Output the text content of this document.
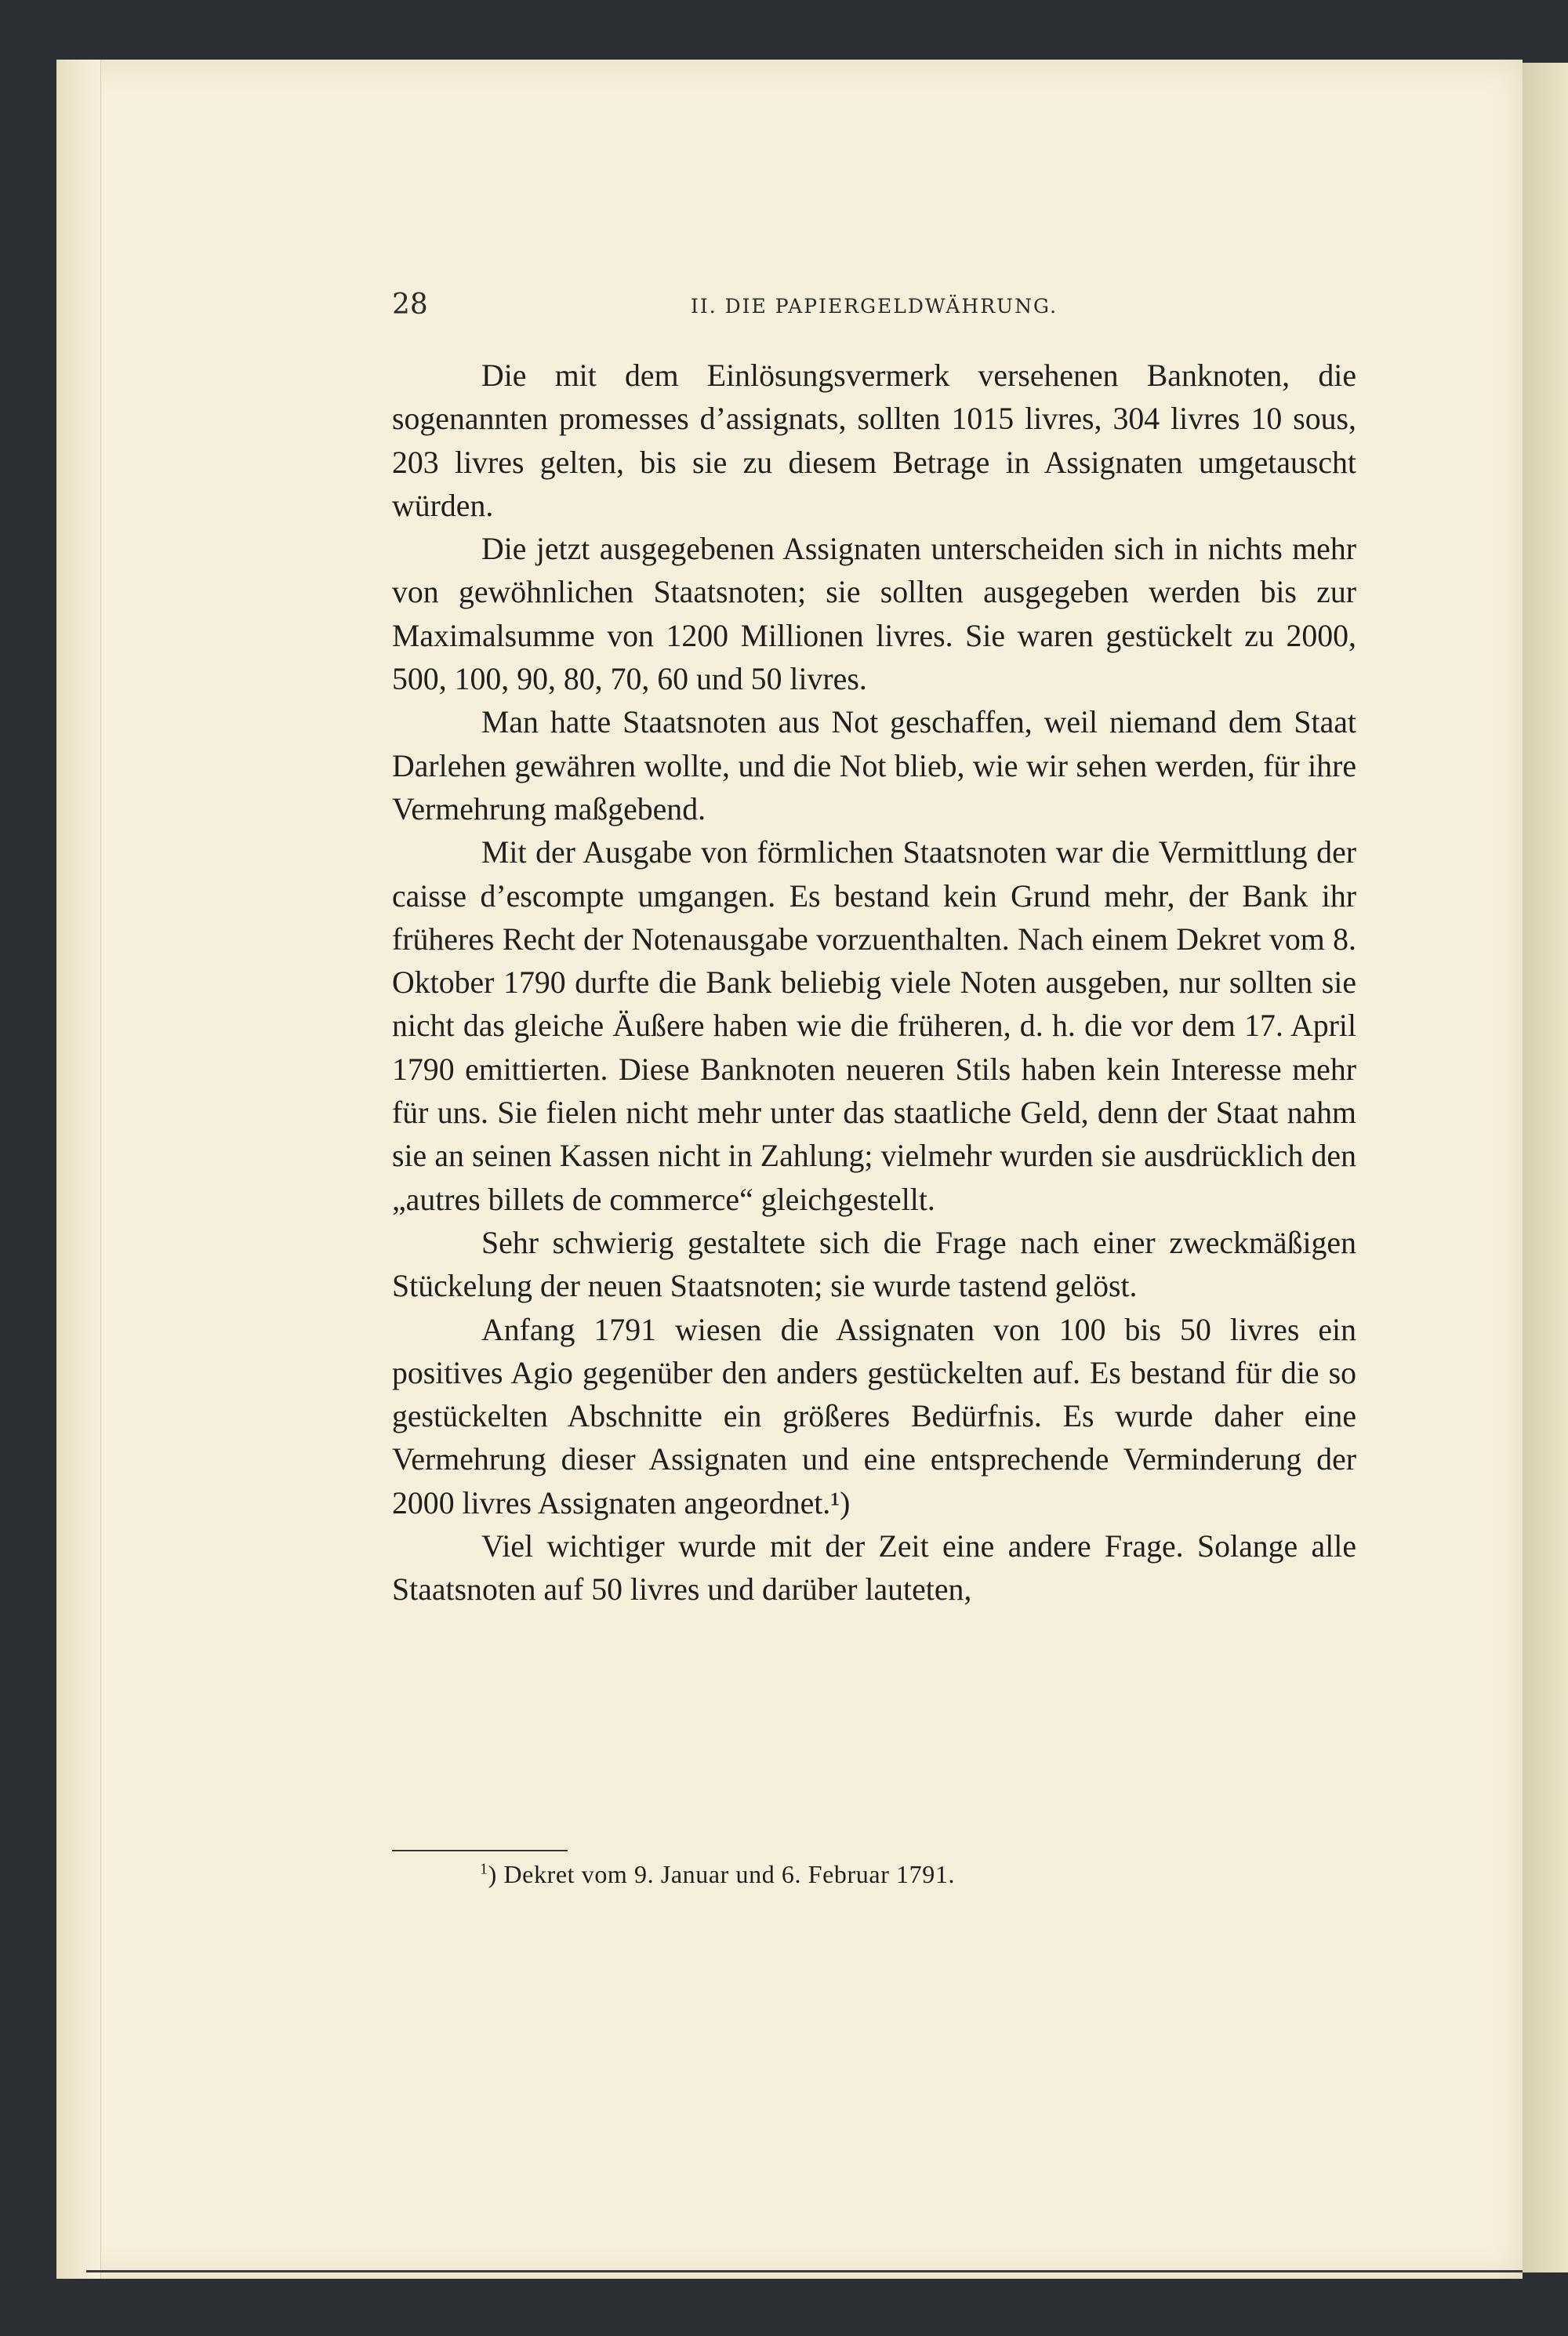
28	II. DIE PAPIERGELDWÄHRUNG.

Die mit dem Einlösungsvermerk versehenen Banknoten, die sogenannten promesses d’assignats, sollten 1015 livres, 304 livres 10 sous, 203 livres gelten, bis sie zu diesem Betrage in Assignaten umgetauscht würden.

Die jetzt ausgegebenen Assignaten unterscheiden sich in nichts mehr von gewöhnlichen Staatsnoten; sie sollten ausgegeben werden bis zur Maximalsumme von 1200 Millionen livres. Sie waren gestückelt zu 2000, 500, 100, 90, 80, 70, 60 und 50 livres.

Man hatte Staatsnoten aus Not geschaffen, weil niemand dem Staat Darlehen gewähren wollte, und die Not blieb, wie wir sehen werden, für ihre Vermehrung maßgebend.

Mit der Ausgabe von förmlichen Staatsnoten war die Vermittlung der caisse d’escompte umgangen. Es bestand kein Grund mehr, der Bank ihr früheres Recht der Notenausgabe vorzuenthalten. Nach einem Dekret vom 8. Oktober 1790 durfte die Bank beliebig viele Noten ausgeben, nur sollten sie nicht das gleiche Äußere haben wie die früheren, d. h. die vor dem 17. April 1790 emittierten. Diese Banknoten neueren Stils haben kein Interesse mehr für uns. Sie fielen nicht mehr unter das staatliche Geld, denn der Staat nahm sie an seinen Kassen nicht in Zahlung; vielmehr wurden sie ausdrücklich den „autres billets de commerce“ gleichgestellt.

Sehr schwierig gestaltete sich die Frage nach einer zweckmäßigen Stückelung der neuen Staatsnoten; sie wurde tastend gelöst.

Anfang 1791 wiesen die Assignaten von 100 bis 50 livres ein positives Agio gegenüber den anders gestückelten auf. Es bestand für die so gestückelten Abschnitte ein größeres Bedürfnis. Es wurde daher eine Vermehrung dieser Assignaten und eine entsprechende Verminderung der 2000 livres Assignaten angeordnet.¹)

Viel wichtiger wurde mit der Zeit eine andere Frage. Solange alle Staatsnoten auf 50 livres und darüber lauteten,

$^1$) Dekret vom 9. Januar und 6. Februar 1791.
